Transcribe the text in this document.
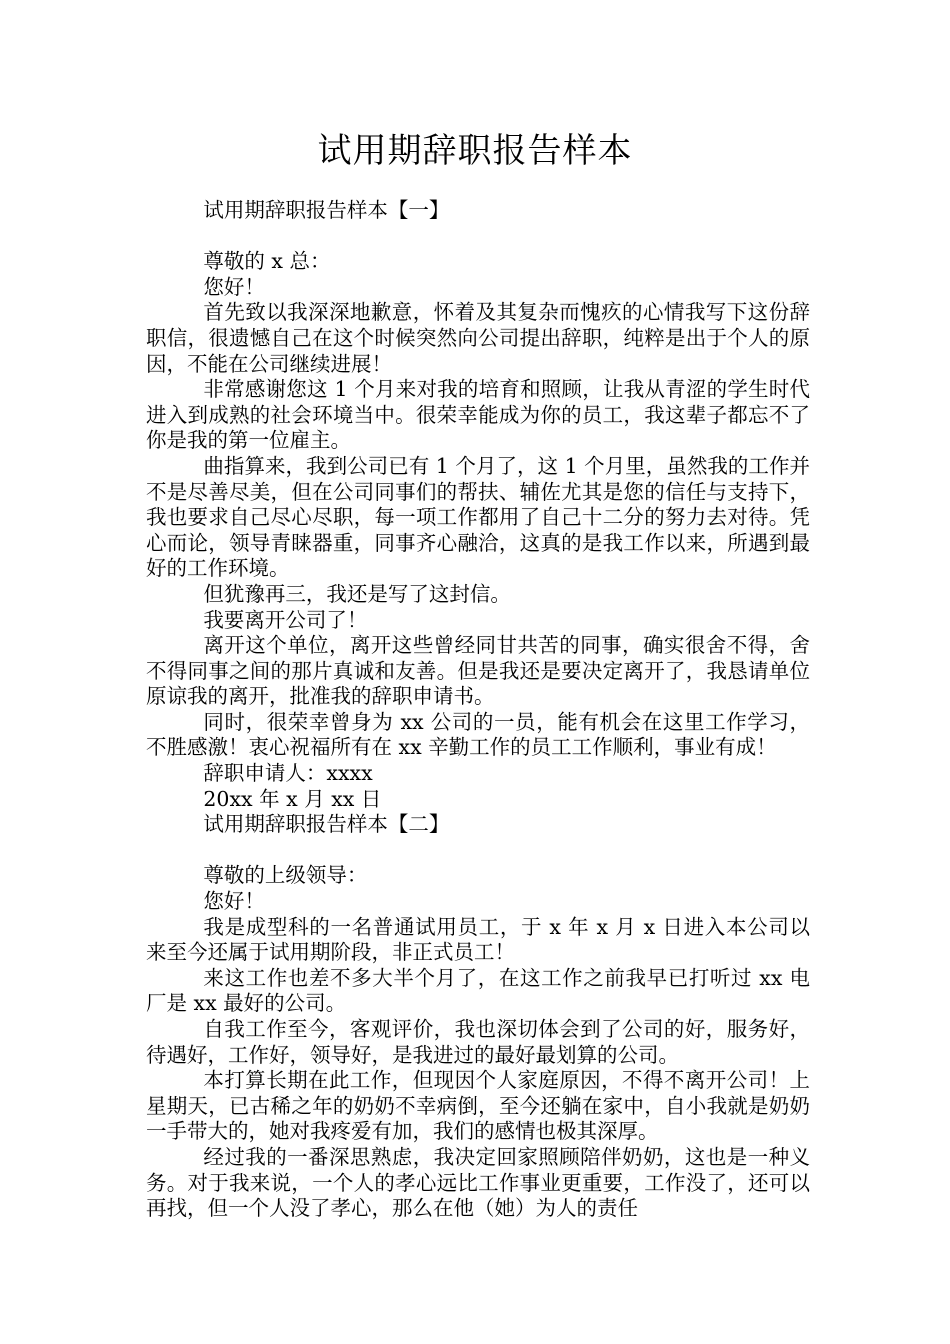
试用期辞职报告样本

试用期辞职报告样本【一】

尊敬的 x 总：

您好！

首先致以我深深地歉意，怀着及其复杂而愧疚的心情我写下这份辞职信，很遗憾自己在这个时候突然向公司提出辞职，纯粹是出于个人的原因，不能在公司继续进展！

非常感谢您这 1 个月来对我的培育和照顾，让我从青涩的学生时代进入到成熟的社会环境当中。很荣幸能成为你的员工，我这辈子都忘不了你是我的第一位雇主。

曲指算来，我到公司已有 1 个月了，这 1 个月里，虽然我的工作并不是尽善尽美，但在公司同事们的帮扶、辅佐尤其是您的信任与支持下，我也要求自己尽心尽职，每一项工作都用了自己十二分的努力去对待。凭心而论，领导青睐器重，同事齐心融洽，这真的是我工作以来，所遇到最好的工作环境。

但犹豫再三，我还是写了这封信。

我要离开公司了！

离开这个单位，离开这些曾经同甘共苦的同事，确实很舍不得，舍不得同事之间的那片真诚和友善。但是我还是要决定离开了，我恳请单位原谅我的离开，批准我的辞职申请书。

同时，很荣幸曾身为 xx 公司的一员，能有机会在这里工作学习，不胜感激！衷心祝福所有在 xx 辛勤工作的员工工作顺利，事业有成！

辞职申请人：xxxx

20xx 年 x 月 xx 日

试用期辞职报告样本【二】

尊敬的上级领导：

您好！

我是成型科的一名普通试用员工，于 x 年 x 月 x 日进入本公司以来至今还属于试用期阶段，非正式员工！

来这工作也差不多大半个月了，在这工作之前我早已打听过 xx 电厂是 xx 最好的公司。

自我工作至今，客观评价，我也深切体会到了公司的好，服务好，待遇好，工作好，领导好，是我进过的最好最划算的公司。

本打算长期在此工作，但现因个人家庭原因，不得不离开公司！上星期天，已古稀之年的奶奶不幸病倒，至今还躺在家中，自小我就是奶奶一手带大的，她对我疼爱有加，我们的感情也极其深厚。

经过我的一番深思熟虑，我决定回家照顾陪伴奶奶，这也是一种义务。对于我来说，一个人的孝心远比工作事业更重要，工作没了，还可以再找，但一个人没了孝心，那么在他（她）为人的责任
